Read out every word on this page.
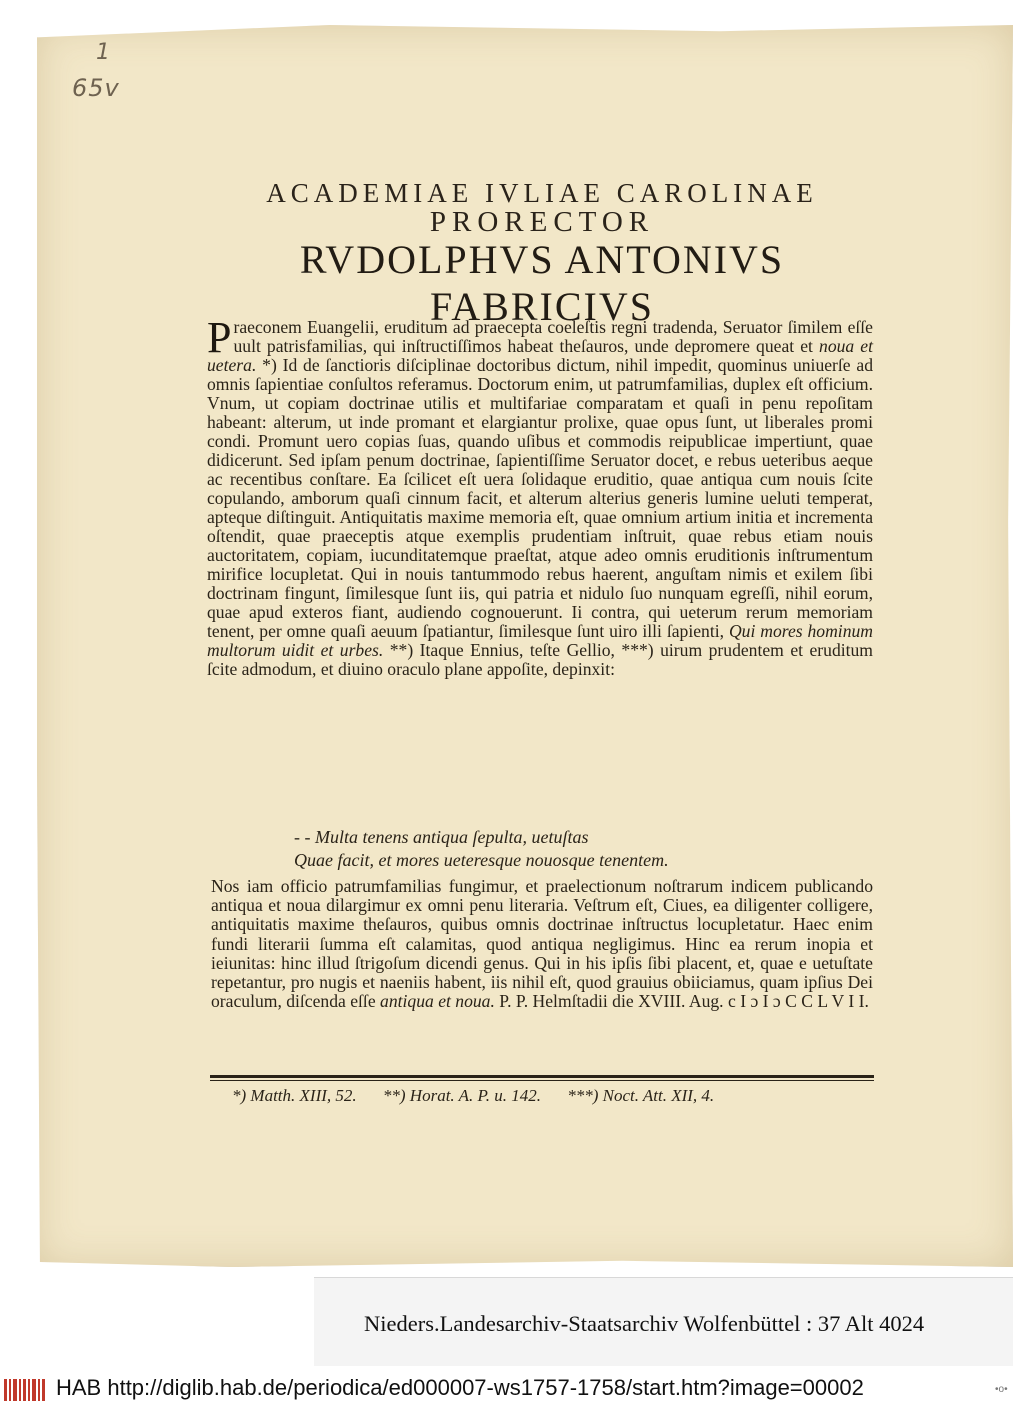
1
65v
ACADEMIAE IVLIAE CAROLINAE
PRORECTOR
RVDOLPHVS ANTONIVS FABRICIVS

Praeconem Euangelii, eruditum ad praecepta coeleſtis regni tradenda, Seruator ſimilem eſſe uult patrisfamilias, qui inſtructiſſimos habeat theſauros, unde depromere queat et noua et uetera. *) Id de ſanctioris diſciplinae doctoribus dictum, nihil impedit, quominus uniuerſe ad omnis ſapientiae conſultos referamus. Doctorum enim, ut patrumfamilias, duplex eſt officium. Vnum, ut copiam doctrinae utilis et multifariae comparatam et quaſi in penu repoſitam habeant: alterum, ut inde promant et elargiantur prolixe, quae opus ſunt, ut liberales promi condi. Promunt uero copias ſuas, quando uſibus et commodis reipublicae impertiunt, quae didicerunt. Sed ipſam penum doctrinae, ſapientiſſime Seruator docet, e rebus ueteribus aeque ac recentibus conſtare. Ea ſcilicet eſt uera ſolidaque eruditio, quae antiqua cum nouis ſcite copulando, amborum quaſi cinnum facit, et alterum alterius generis lumine ueluti temperat, apteque diſtinguit. Antiquitatis maxime memoria eſt, quae omnium artium initia et incrementa oſtendit, quae praeceptis atque exemplis prudentiam inſtruit, quae rebus etiam nouis auctoritatem, copiam, iucunditatemque praeſtat, atque adeo omnis eruditionis inſtrumentum mirifice locupletat. Qui in nouis tantummodo rebus haerent, anguſtam nimis et exilem ſibi doctrinam fingunt, ſimilesque ſunt iis, qui patria et nidulo ſuo nunquam egreſſi, nihil eorum, quae apud exteros fiant, audiendo cognouerunt. Ii contra, qui ueterum rerum memoriam tenent, per omne quaſi aeuum ſpatiantur, ſimilesque ſunt uiro illi ſapienti, Qui mores hominum multorum uidit et urbes. **) Itaque Ennius, teſte Gellio, ***) uirum prudentem et eruditum ſcite admodum, et diuino oraculo plane appoſite, depinxit:

- - Multa tenens antiqua ſepulta, uetuſtas
Quae facit, et mores ueteresque nouosque tenentem.

Nos iam officio patrumfamilias fungimur, et praelectionum noſtrarum indicem publicando antiqua et noua dilargimur ex omni penu literaria. Veſtrum eſt, Ciues, ea diligenter colligere, antiquitatis maxime theſauros, quibus omnis doctrinae inſtructus locupletatur. Haec enim fundi literarii ſumma eſt calamitas, quod antiqua negligimus. Hinc ea rerum inopia et ieiunitas: hinc illud ſtrigoſum dicendi genus. Qui in his ipſis ſibi placent, et, quae e uetuſtate repetantur, pro nugis et naeniis habent, iis nihil eſt, quod grauius obiiciamus, quam ipſius Dei oraculum, diſcenda eſſe antiqua et noua. P. P. Helmſtadii die XVIII. Aug. c I ɔ I ɔ C C L V I I.

*) Matth. XIII, 52. **) Horat. A. P. u. 142. ***) Noct. Att. XII, 4.
Nieders.Landesarchiv-Staatsarchiv Wolfenbüttel : 37 Alt 4024
HAB http://diglib.hab.de/periodica/ed000007-ws1757-1758/start.htm?image=00002	•o•
